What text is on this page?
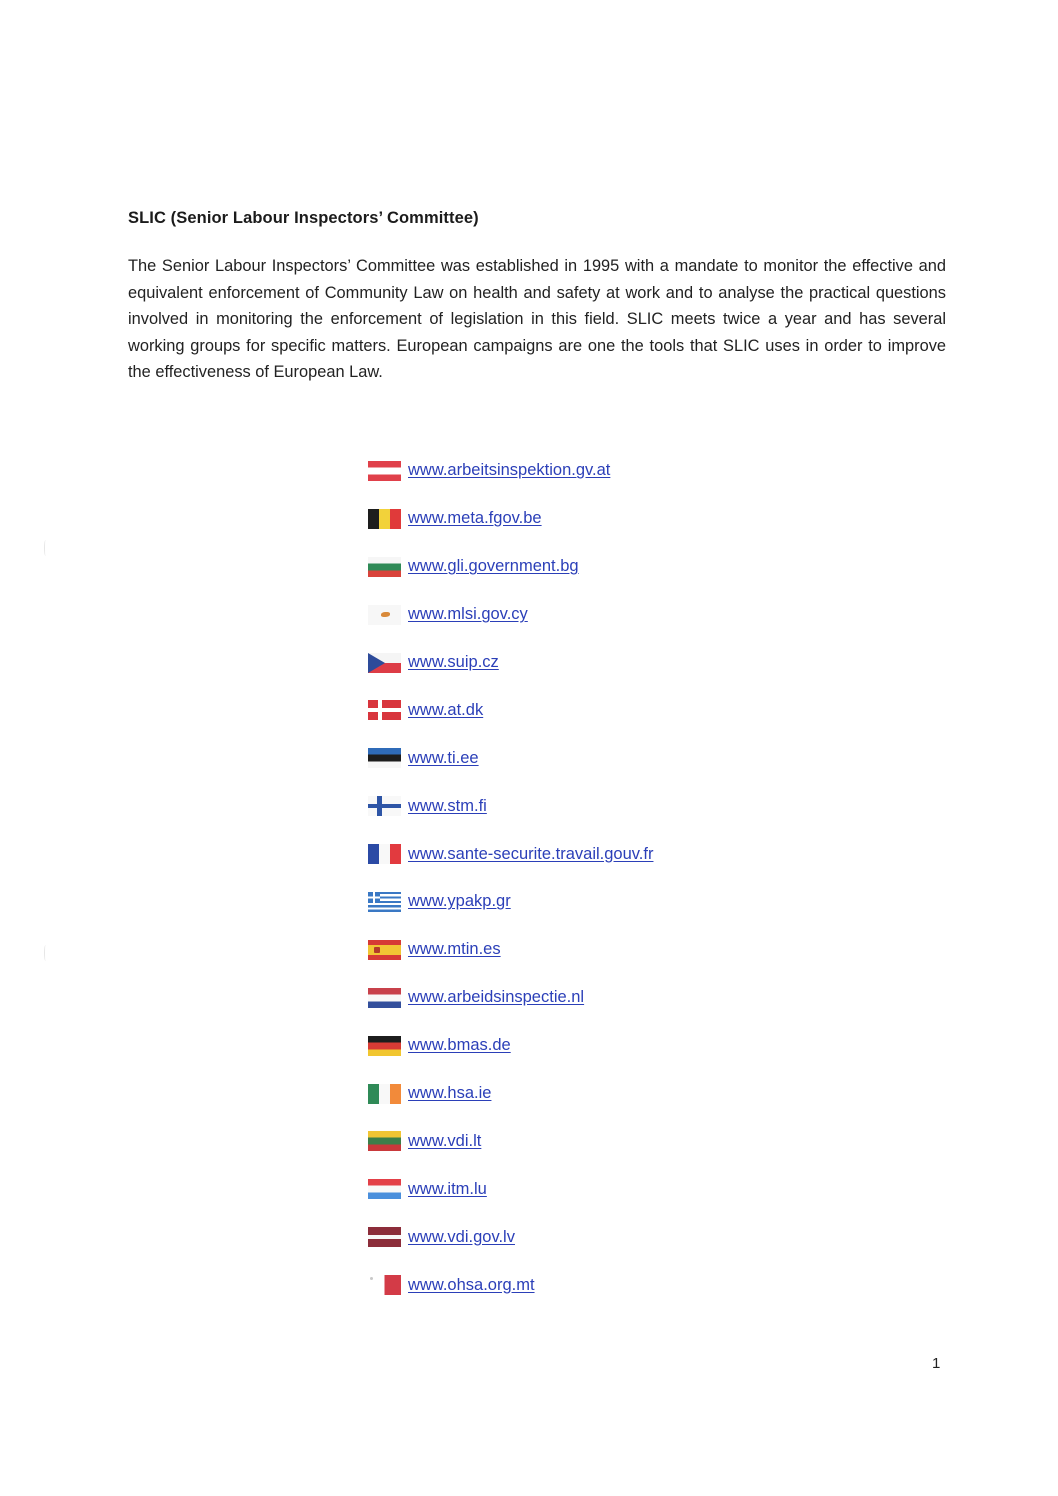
SLIC (Senior Labour Inspectors’ Committee)

The Senior Labour Inspectors’ Committee was established in 1995 with a mandate to monitor the effective and equivalent enforcement of Community Law on health and safety at work and to analyse the practical questions involved in monitoring the enforcement of legislation in this field. SLIC meets twice a year and has several working groups for specific matters. European campaigns are one the tools that SLIC uses in order to improve the effectiveness of European Law.

www.arbeitsinspektion.gv.at
www.meta.fgov.be
www.gli.government.bg
www.mlsi.gov.cy
www.suip.cz
www.at.dk
www.ti.ee
www.stm.fi
www.sante-securite.travail.gouv.fr
www.ypakp.gr
www.mtin.es
www.arbeidsinspectie.nl
www.bmas.de
www.hsa.ie
www.vdi.lt
www.itm.lu
www.vdi.gov.lv
www.ohsa.org.mt
1
